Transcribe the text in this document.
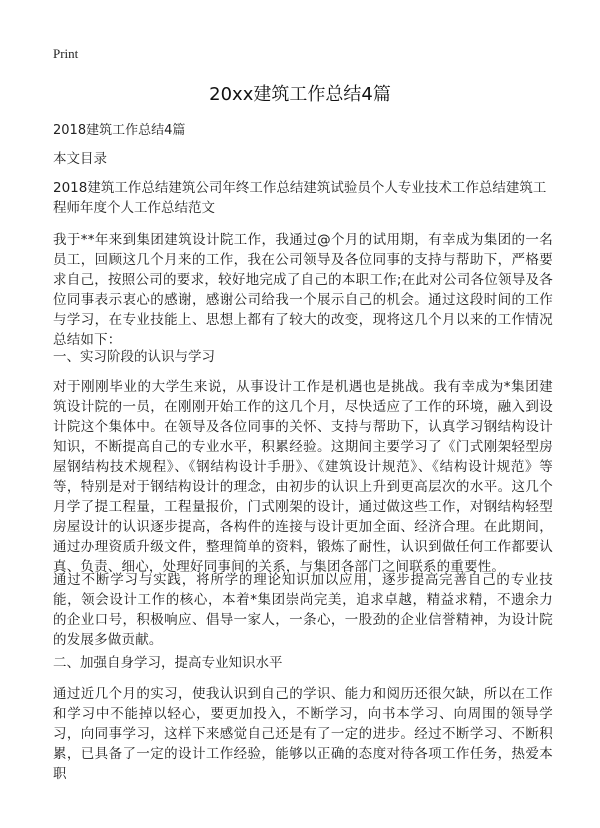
Print
20xx建筑工作总结4篇
2018建筑工作总结4篇
本文目录
2018建筑工作总结建筑公司年终工作总结建筑试验员个人专业技术工作总结建筑工程师年度个人工作总结范文

我于**年来到集团建筑设计院工作，我通过@个月的试用期，有幸成为集团的一名员工，回顾这几个月来的工作，我在公司领导及各位同事的支持与帮助下，严格要求自己，按照公司的要求，较好地完成了自己的本职工作;在此对公司各位领导及各位同事表示衷心的感谢，感谢公司给我一个展示自己的机会。通过这段时间的工作与学习，在专业技能上、思想上都有了较大的改变，现将这几个月以来的工作情况总结如下：

一、实习阶段的认识与学习

对于刚刚毕业的大学生来说，从事设计工作是机遇也是挑战。我有幸成为*集团建筑设计院的一员，在刚刚开始工作的这几个月，尽快适应了工作的环境，融入到设计院这个集体中。在领导及各位同事的关怀、支持与帮助下，认真学习钢结构设计知识，不断提高自己的专业水平，积累经验。这期间主要学习了《门式刚架轻型房屋钢结构技术规程》、《钢结构设计手册》、《建筑设计规范》、《结构设计规范》等等，特别是对于钢结构设计的理念，由初步的认识上升到更高层次的水平。这几个月学了提工程量，工程量报价，门式刚架的设计，通过做这些工作，对钢结构轻型房屋设计的认识逐步提高，各构件的连接与设计更加全面、经济合理。在此期间，通过办理资质升级文件，整理简单的资料，锻炼了耐性，认识到做任何工作都要认真、负责、细心，处理好同事间的关系，与集团各部门之间联系的重要性。

通过不断学习与实践，将所学的理论知识加以应用，逐步提高完善自己的专业技能，领会设计工作的核心，本着*集团崇尚完美，追求卓越，精益求精，不遗余力的企业口号，积极响应、倡导一家人，一条心，一股劲的企业信誉精神，为设计院的发展多做贡献。

二、加强自身学习，提高专业知识水平

通过近几个月的实习，使我认识到自己的学识、能力和阅历还很欠缺，所以在工作和学习中不能掉以轻心，要更加投入，不断学习，向书本学习、向周围的领导学习，向同事学习，这样下来感觉自己还是有了一定的进步。经过不断学习、不断积累，已具备了一定的设计工作经验，能够以正确的态度对待各项工作任务，热爱本职
